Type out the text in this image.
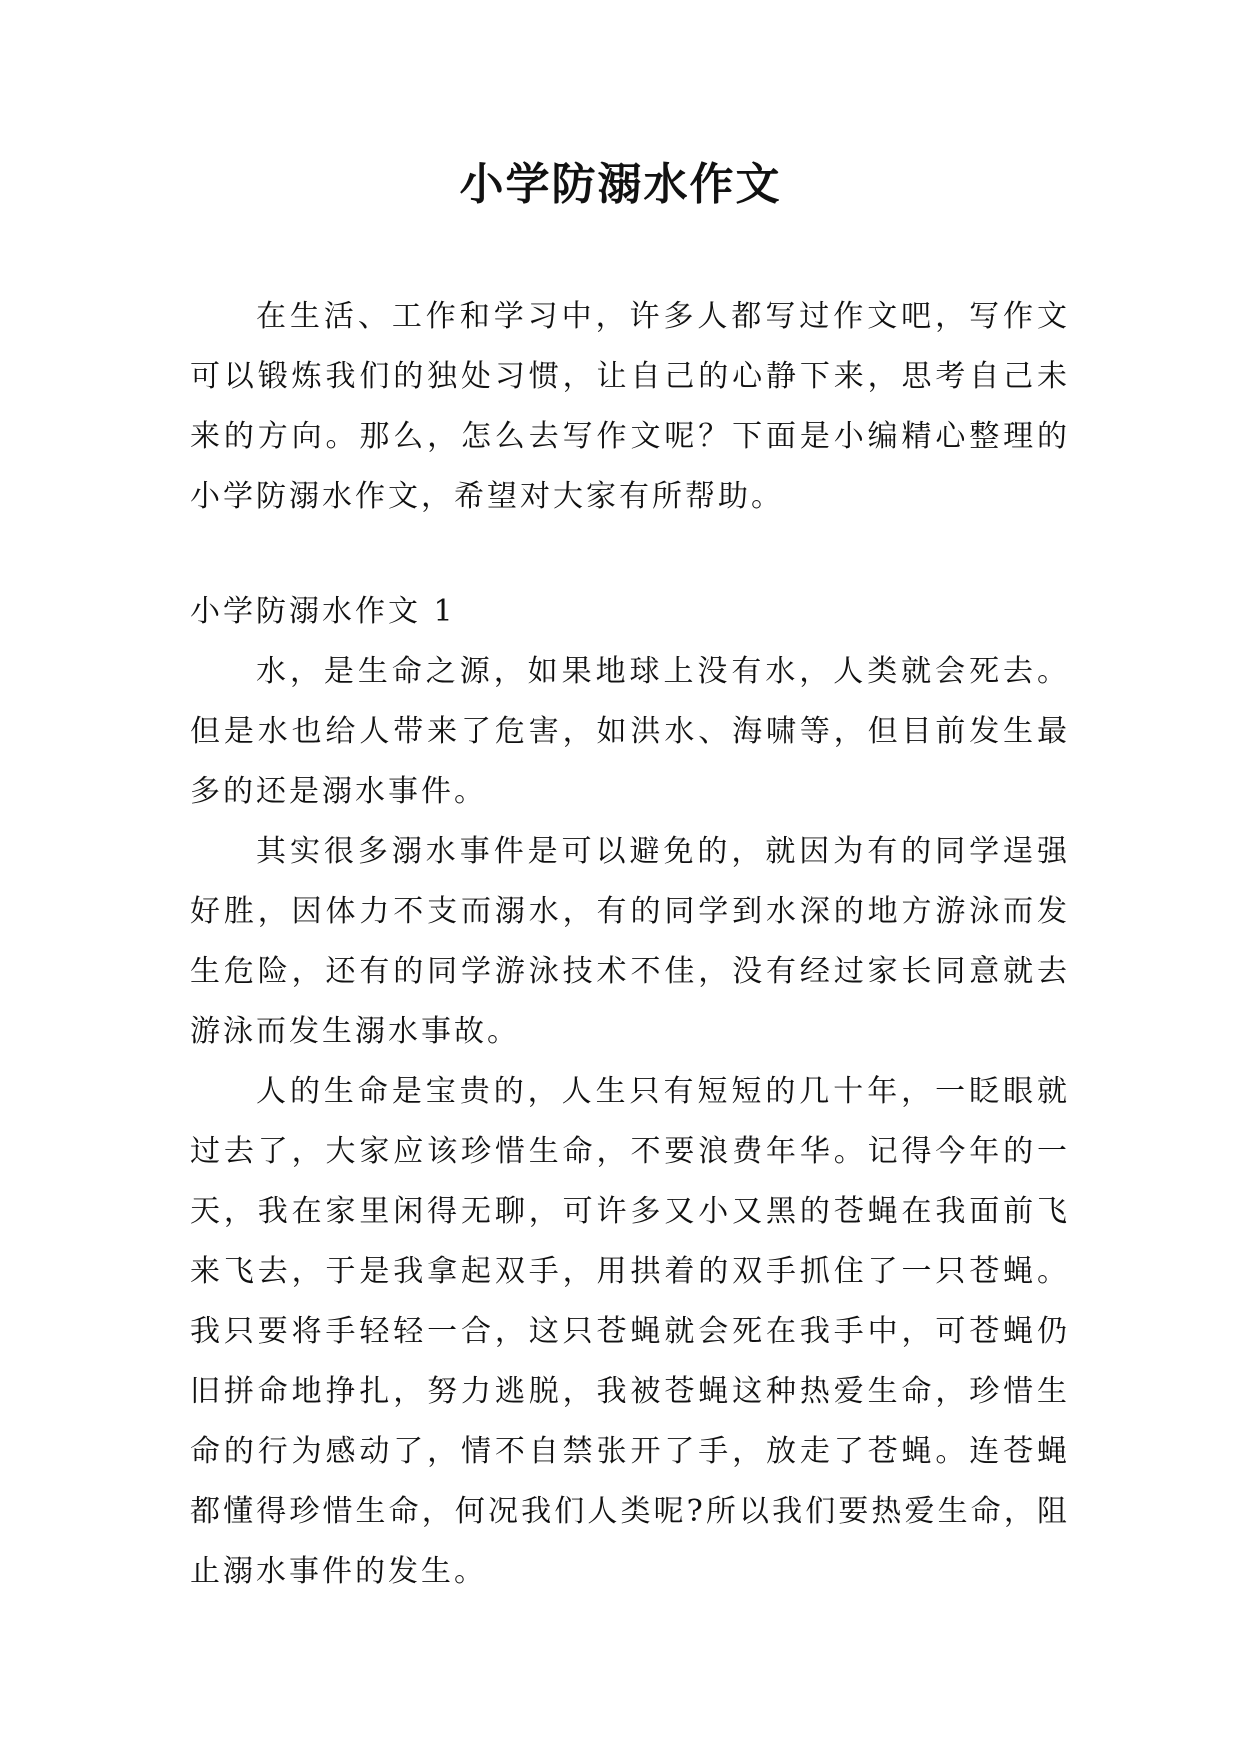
小学防溺水作文

在生活、工作和学习中，许多人都写过作文吧，写作文可以锻炼我们的独处习惯，让自己的心静下来，思考自己未来的方向。那么，怎么去写作文呢？下面是小编精心整理的小学防溺水作文，希望对大家有所帮助。

小学防溺水作文 1

水，是生命之源，如果地球上没有水，人类就会死去。但是水也给人带来了危害，如洪水、海啸等，但目前发生最多的还是溺水事件。

其实很多溺水事件是可以避免的，就因为有的同学逞强好胜，因体力不支而溺水，有的同学到水深的地方游泳而发生危险，还有的同学游泳技术不佳，没有经过家长同意就去游泳而发生溺水事故。

人的生命是宝贵的，人生只有短短的几十年，一眨眼就过去了，大家应该珍惜生命，不要浪费年华。记得今年的一天，我在家里闲得无聊，可许多又小又黑的苍蝇在我面前飞来飞去，于是我拿起双手，用拱着的双手抓住了一只苍蝇。我只要将手轻轻一合，这只苍蝇就会死在我手中，可苍蝇仍旧拼命地挣扎，努力逃脱，我被苍蝇这种热爱生命，珍惜生命的行为感动了，情不自禁张开了手，放走了苍蝇。连苍蝇都懂得珍惜生命，何况我们人类呢?所以我们要热爱生命，阻止溺水事件的发生。
